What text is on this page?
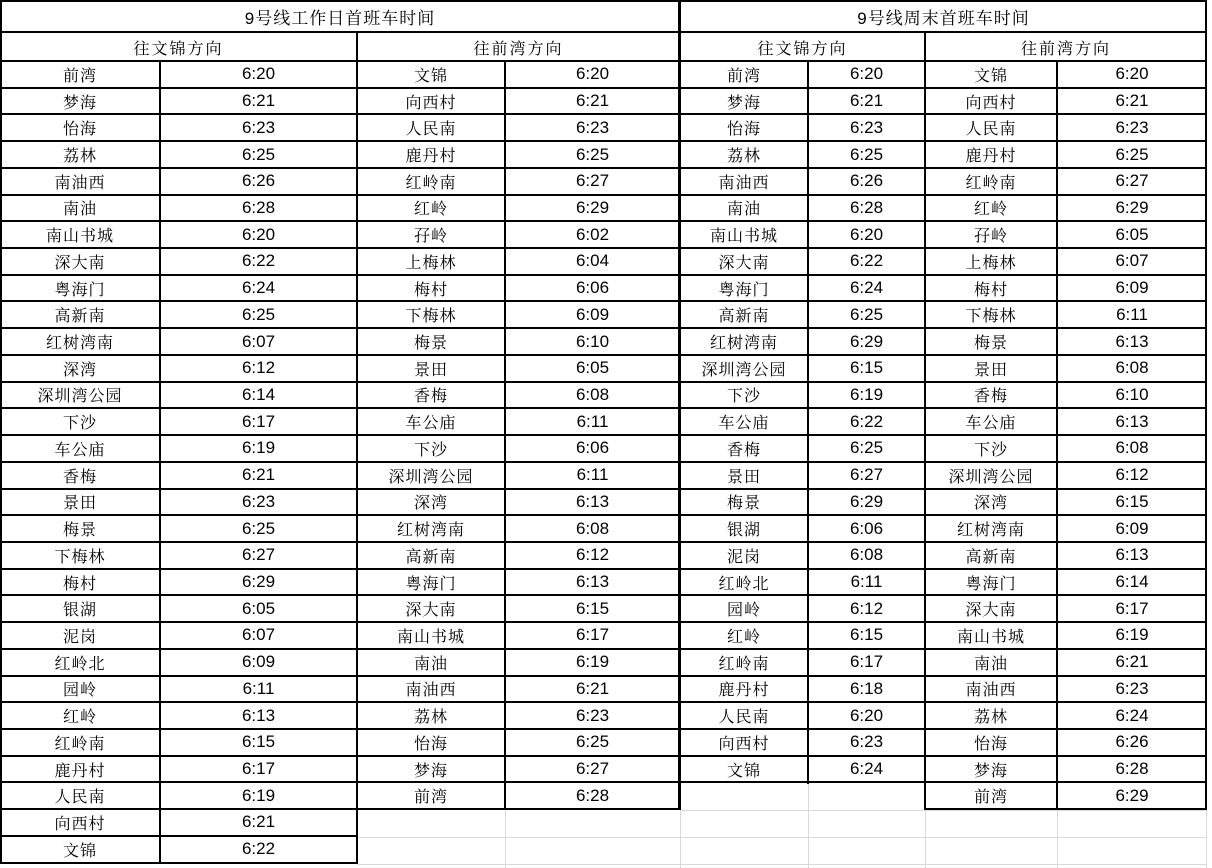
9号线工作日首班车时间	9号线周末首班车时间
往文锦方向	往前湾方向	往文锦方向	往前湾方向
前湾	6:20
梦海	6:21
怡海	6:23
荔林	6:25
南油西	6:26
南油	6:28
南山书城	6:20
深大南	6:22
粤海门	6:24
高新南	6:25
红树湾南	6:07
深湾	6:12
深圳湾公园	6:14
下沙	6:17
车公庙	6:19
香梅	6:21
景田	6:23
梅景	6:25
下梅林	6:27
梅村	6:29
银湖	6:05
泥岗	6:07
红岭北	6:09
园岭	6:11
红岭	6:13
红岭南	6:15
鹿丹村	6:17
人民南	6:19
向西村	6:21
文锦	6:22
文锦	6:20
向西村	6:21
人民南	6:23
鹿丹村	6:25
红岭南	6:27
红岭	6:29
孖岭	6:02
上梅林	6:04
梅村	6:06
下梅林	6:09
梅景	6:10
景田	6:05
香梅	6:08
车公庙	6:11
下沙	6:06
深圳湾公园	6:11
深湾	6:13
红树湾南	6:08
高新南	6:12
粤海门	6:13
深大南	6:15
南山书城	6:17
南油	6:19
南油西	6:21
荔林	6:23
怡海	6:25
梦海	6:27
前湾	6:28
前湾	6:20
梦海	6:21
怡海	6:23
荔林	6:25
南油西	6:26
南油	6:28
南山书城	6:20
深大南	6:22
粤海门	6:24
高新南	6:25
红树湾南	6:29
深圳湾公园	6:15
下沙	6:19
车公庙	6:22
香梅	6:25
景田	6:27
梅景	6:29
银湖	6:06
泥岗	6:08
红岭北	6:11
园岭	6:12
红岭	6:15
红岭南	6:17
鹿丹村	6:18
人民南	6:20
向西村	6:23
文锦	6:24
文锦	6:20
向西村	6:21
人民南	6:23
鹿丹村	6:25
红岭南	6:27
红岭	6:29
孖岭	6:05
上梅林	6:07
梅村	6:09
下梅林	6:11
梅景	6:13
景田	6:08
香梅	6:10
车公庙	6:13
下沙	6:08
深圳湾公园	6:12
深湾	6:15
红树湾南	6:09
高新南	6:13
粤海门	6:14
深大南	6:17
南山书城	6:19
南油	6:21
南油西	6:23
荔林	6:24
怡海	6:26
梦海	6:28
前湾	6:29
